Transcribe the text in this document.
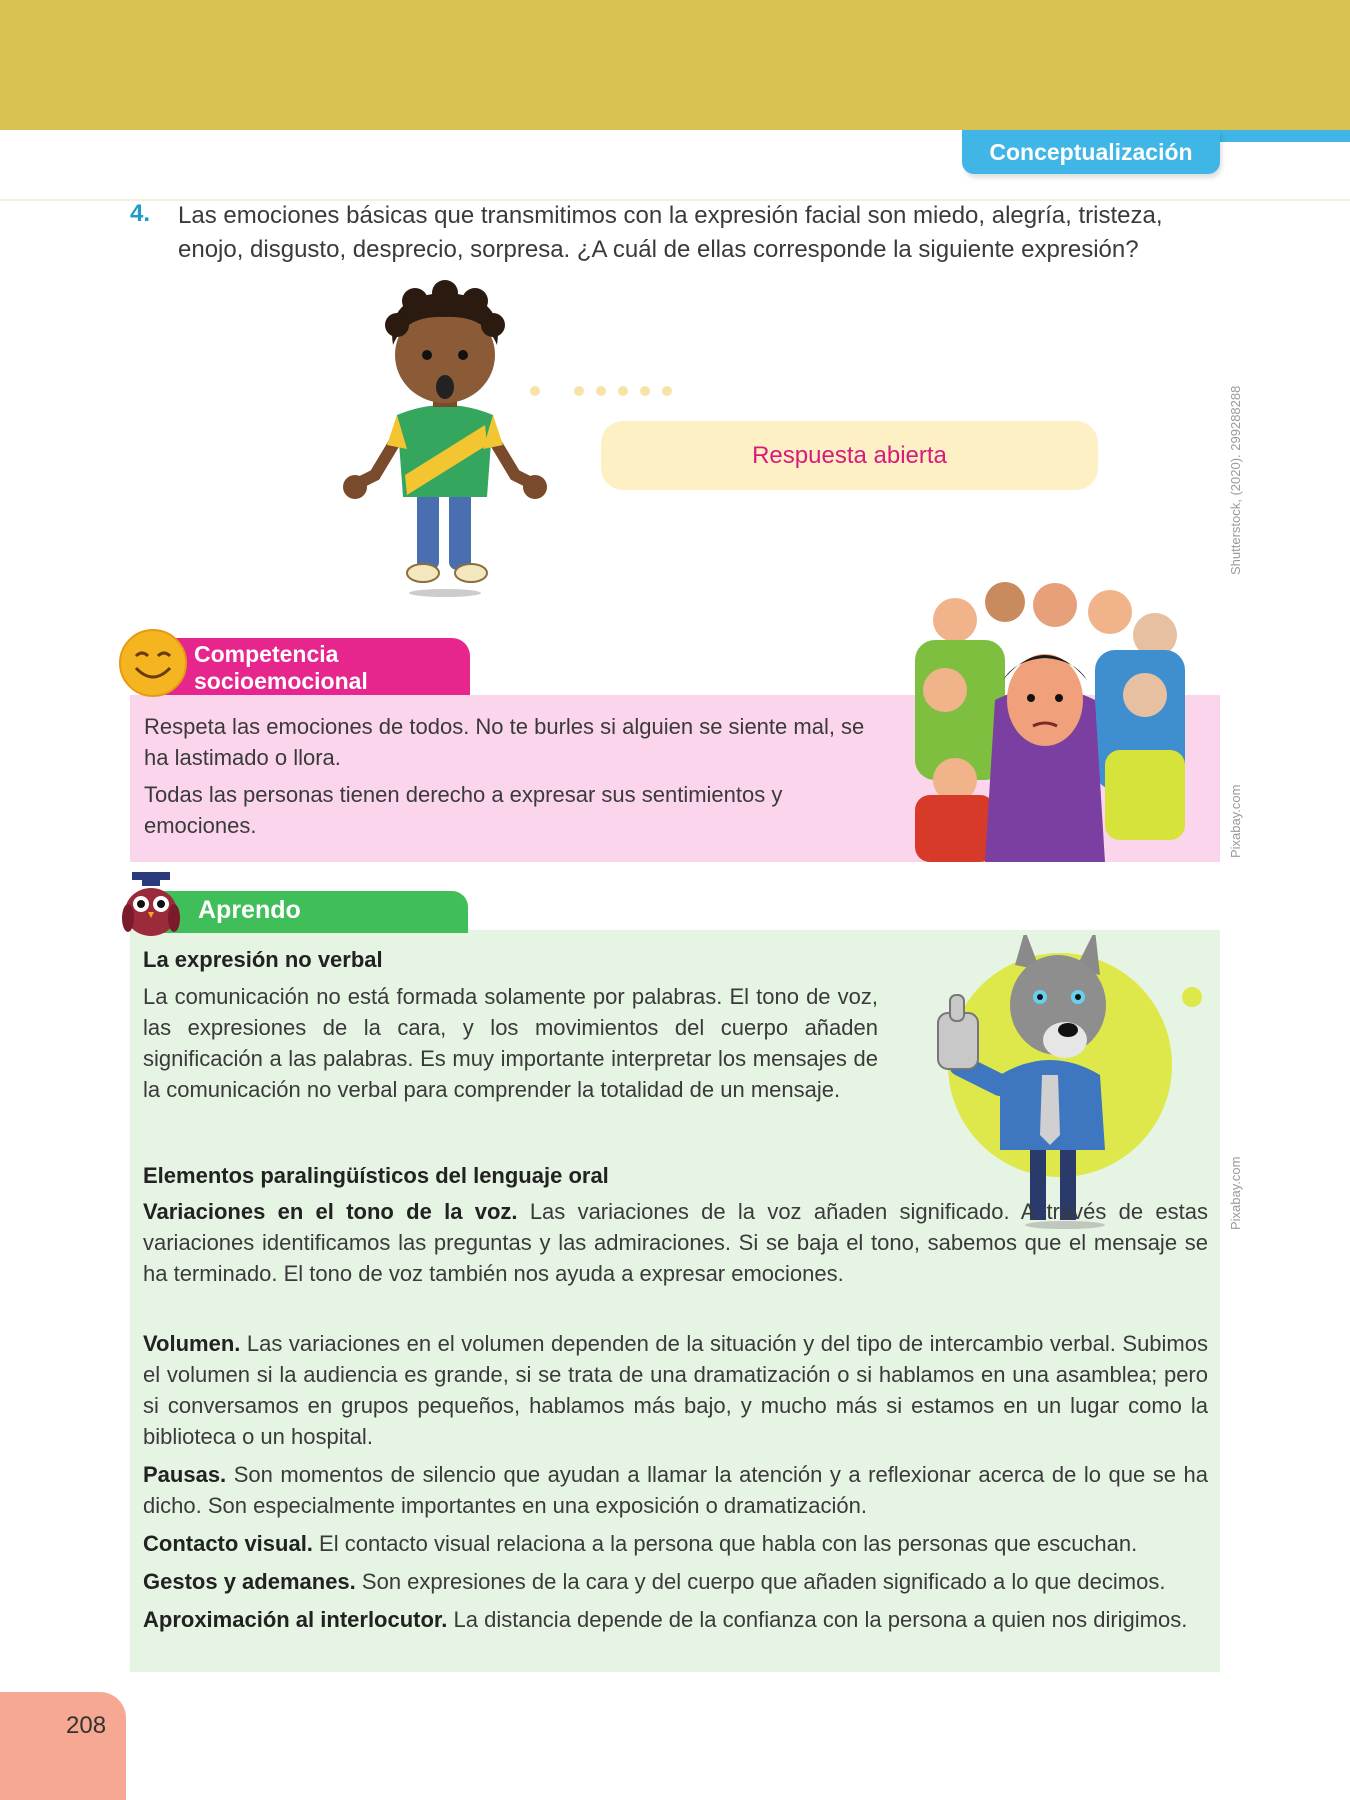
Conceptualización
4. Las emociones básicas que transmitimos con la expresión facial son miedo, alegría, tristeza, enojo, disgusto, desprecio, sorpresa. ¿A cuál de ellas corresponde la siguiente expresión?
Respuesta abierta	Shutterstock, (2020). 299288288
Competencia
socioemocional

Respeta las emociones de todos. No te burles si alguien se siente mal, se ha lastimado o llora.

Todas las personas tienen derecho a expresar sus sentimientos y emociones.	Pixabay.com
Aprendo
La expresión no verbal
La comunicación no está formada solamente por palabras. El tono de voz, las expresiones de la cara, y los movimientos del cuerpo añaden significación a las palabras. Es muy importante interpretar los mensajes de la comunicación no verbal para comprender la totalidad de un mensaje.
Pixabay.com
Elementos paralingüísticos del lenguaje oral
Variaciones en el tono de la voz. Las variaciones de la voz añaden significado. A través de estas variaciones identificamos las preguntas y las admiraciones. Si se baja el tono, sabemos que el mensaje se ha terminado. El tono de voz también nos ayuda a expresar emociones.
Volumen. Las variaciones en el volumen dependen de la situación y del tipo de intercambio verbal. Subimos el volumen si la audiencia es grande, si se trata de una dramatización o si hablamos en una asamblea; pero si conversamos en grupos pequeños, hablamos más bajo, y mucho más si estamos en un lugar como la biblioteca o un hospital.
Pausas. Son momentos de silencio que ayudan a llamar la atención y a reflexionar acerca de lo que se ha dicho. Son especialmente importantes en una exposición o dramatización.
Contacto visual. El contacto visual relaciona a la persona que habla con las personas que escuchan.
Gestos y ademanes. Son expresiones de la cara y del cuerpo que añaden significado a lo que decimos.
Aproximación al interlocutor. La distancia depende de la confianza con la persona a quien nos dirigimos.
208
